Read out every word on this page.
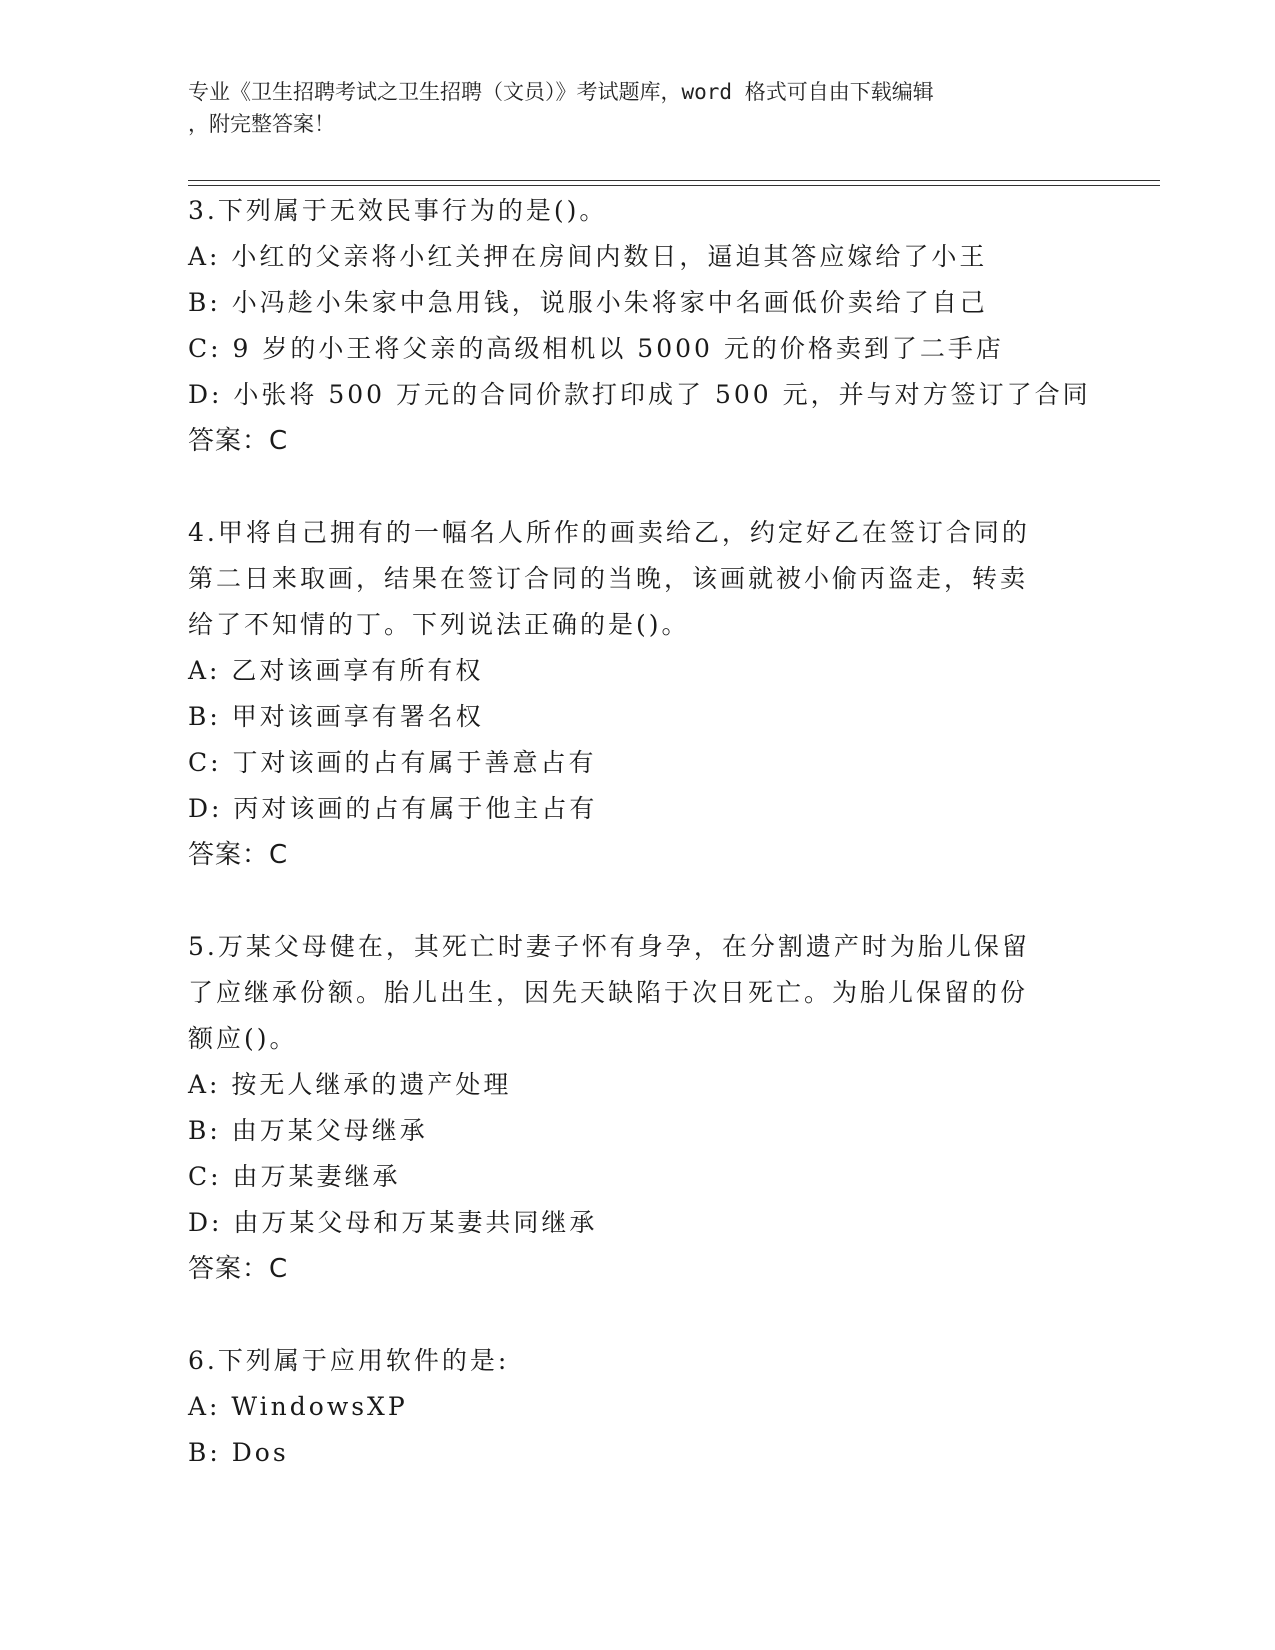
专业《卫生招聘考试之卫生招聘（文员）》考试题库，word 格式可自由下载编辑
，附完整答案！
3.下列属于无效民事行为的是()。
A: 小红的父亲将小红关押在房间内数日，逼迫其答应嫁给了小王
B: 小冯趁小朱家中急用钱，说服小朱将家中名画低价卖给了自己
C: 9 岁的小王将父亲的高级相机以 5000 元的价格卖到了二手店
D: 小张将 500 万元的合同价款打印成了 500 元，并与对方签订了合同
答案：C
4.甲将自己拥有的一幅名人所作的画卖给乙，约定好乙在签订合同的
第二日来取画，结果在签订合同的当晚，该画就被小偷丙盗走，转卖
给了不知情的丁。下列说法正确的是()。
A: 乙对该画享有所有权
B: 甲对该画享有署名权
C: 丁对该画的占有属于善意占有
D: 丙对该画的占有属于他主占有
答案：C
5.万某父母健在，其死亡时妻子怀有身孕，在分割遗产时为胎儿保留
了应继承份额。胎儿出生，因先天缺陷于次日死亡。为胎儿保留的份
额应()。
A: 按无人继承的遗产处理
B: 由万某父母继承
C: 由万某妻继承
D: 由万某父母和万某妻共同继承
答案：C
6.下列属于应用软件的是:
A: WindowsXP
B: Dos
